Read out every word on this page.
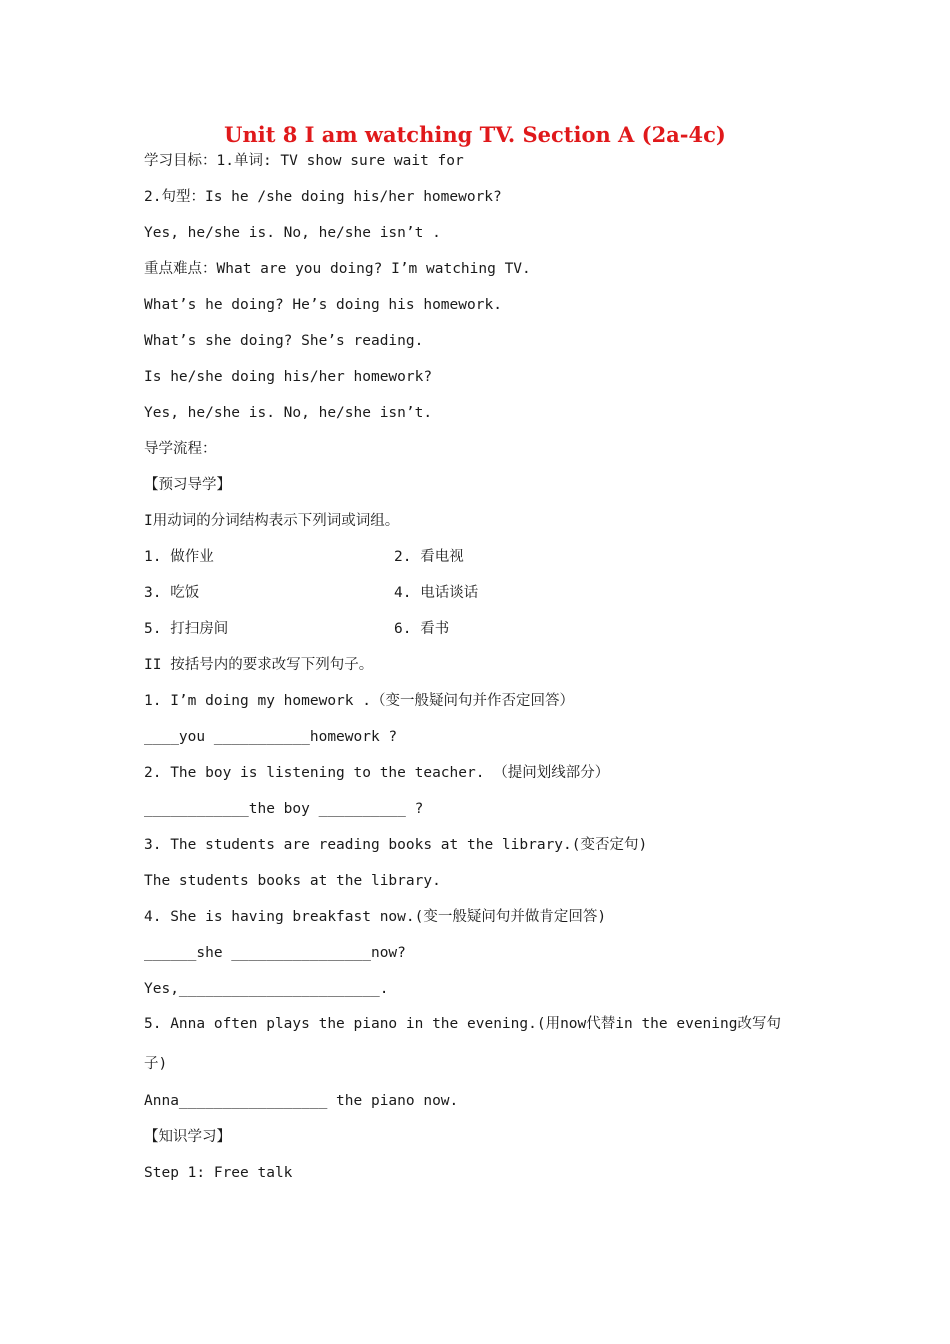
Unit 8 I am watching TV. Section A (2a-4c)
学习目标：1.单词: TV show sure wait for
2.句型：Is he /she doing his/her homework?
Yes, he/she is. No, he/she isn’t .
重点难点：What are you doing? I’m watching TV.
What’s he doing? He’s doing his homework.
What’s she doing? She’s reading.
Is he/she doing his/her homework?
Yes, he/she is. No, he/she isn’t.
导学流程：
【预习导学】
I用动词的分词结构表示下列词或词组。
1. 做作业	2. 看电视
3. 吃饭	4. 电话谈话
5. 打扫房间	6. 看书
II 按括号内的要求改写下列句子。
1. I’m doing my homework .（变一般疑问句并作否定回答）
____you ___________homework ?
2. The boy is listening to the teacher. （提问划线部分）
____________the boy __________ ?
3. The students are reading books at the library.(变否定句)
The students books at the library.
4. She is having breakfast now.(变一般疑问句并做肯定回答)
______she ________________now?
Yes,_______________________.
5. Anna often plays the piano in the evening.(用now代替in the evening改写句
子)
Anna_________________ the piano now.
【知识学习】
Step 1: Free talk
